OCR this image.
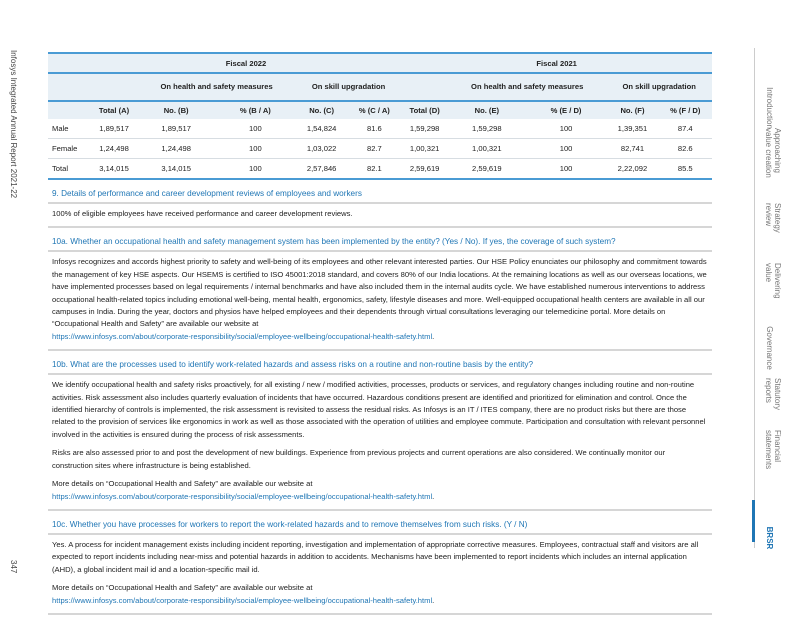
Infosys Integrated Annual Report 2021-22
347
	Fiscal 2022					Fiscal 2021				
		On health and safety measures		On skill upgradation			On health and safety measures		On skill upgradation	
	Total (A)	No. (B)	% (B / A)	No. (C)	% (C / A)	Total (D)	No. (E)	% (E / D)	No. (F)	% (F / D)
Male	1,89,517	1,89,517	100	1,54,824	81.6	1,59,298	1,59,298	100	1,39,351	87.4
Female	1,24,498	1,24,498	100	1,03,022	82.7	1,00,321	1,00,321	100	82,741	82.6
Total	3,14,015	3,14,015	100	2,57,846	82.1	2,59,619	2,59,619	100	2,22,092	85.5
9. Details of performance and career development reviews of employees and workers
100% of eligible employees have received performance and career development reviews.
10a. Whether an occupational health and safety management system has been implemented by the entity? (Yes / No). If yes, the coverage of such system?
Infosys recognizes and accords highest priority to safety and well-being of its employees and other relevant interested parties. Our HSE Policy enunciates our philosophy and commitment towards the management of key HSE aspects. Our HSEMS is certified to ISO 45001:2018 standard, and covers 80% of our India locations. At the remaining locations as well as our overseas locations, we have implemented processes based on legal requirements / internal benchmarks and have also included them in the internal audits cycle. We have established numerous interventions to address occupational health-related topics including emotional well-being, mental health, ergonomics, safety, lifestyle diseases and more. Well-equipped occupational health centers are available in all our campuses in India. During the year, doctors and physios have helped employees and their dependents through virtual consultations leveraging our telemedicine portal. More details on “Occupational Health and Safety” are available our website at
https://www.infosys.com/about/corporate-responsibility/social/employee-wellbeing/occupational-health-safety.html.
10b. What are the processes used to identify work-related hazards and assess risks on a routine and non-routine basis by the entity?
We identify occupational health and safety risks proactively, for all existing / new / modified activities, processes, products or services, and regulatory changes including routine and non-routine activities. Risk assessment also includes quarterly evaluation of incidents that have occurred. Hazardous conditions present are identified and prioritized for elimination and control. Once the identified hierarchy of controls is implemented, the risk assessment is revisited to assess the residual risks. As Infosys is an IT / ITES company, there are no product risks but there are those related to the provision of services like ergonomics in work as well as those associated with the operation of utilities and employee commute. Participation and consultation with relevant personnel involved in the activities is ensured during the process of risk assessments.
Risks are also assessed prior to and post the development of new buildings. Experience from previous projects and current operations are also considered. We continually monitor our construction sites where infrastructure is being established.
More details on “Occupational Health and Safety” are available our website at
https://www.infosys.com/about/corporate-responsibility/social/employee-wellbeing/occupational-health-safety.html.
10c. Whether you have processes for workers to report the work-related hazards and to remove themselves from such risks. (Y / N)
Yes. A process for incident management exists including incident reporting, investigation and implementation of appropriate corrective measures. Employees, contractual staff and visitors are all expected to report incidents including near-miss and potential hazards in addition to accidents. Mechanisms have been implemented to report incidents which includes an internal application (AHD), a global incident mail id and a location-specific mail id.
More details on “Occupational Health and Safety” are available our website at
https://www.infosys.com/about/corporate-responsibility/social/employee-wellbeing/occupational-health-safety.html.
Introduction
Approaching
value creation
Strategy
review
Delivering
value
Governance
Statutory
reports
Financial
statements
BRSR
